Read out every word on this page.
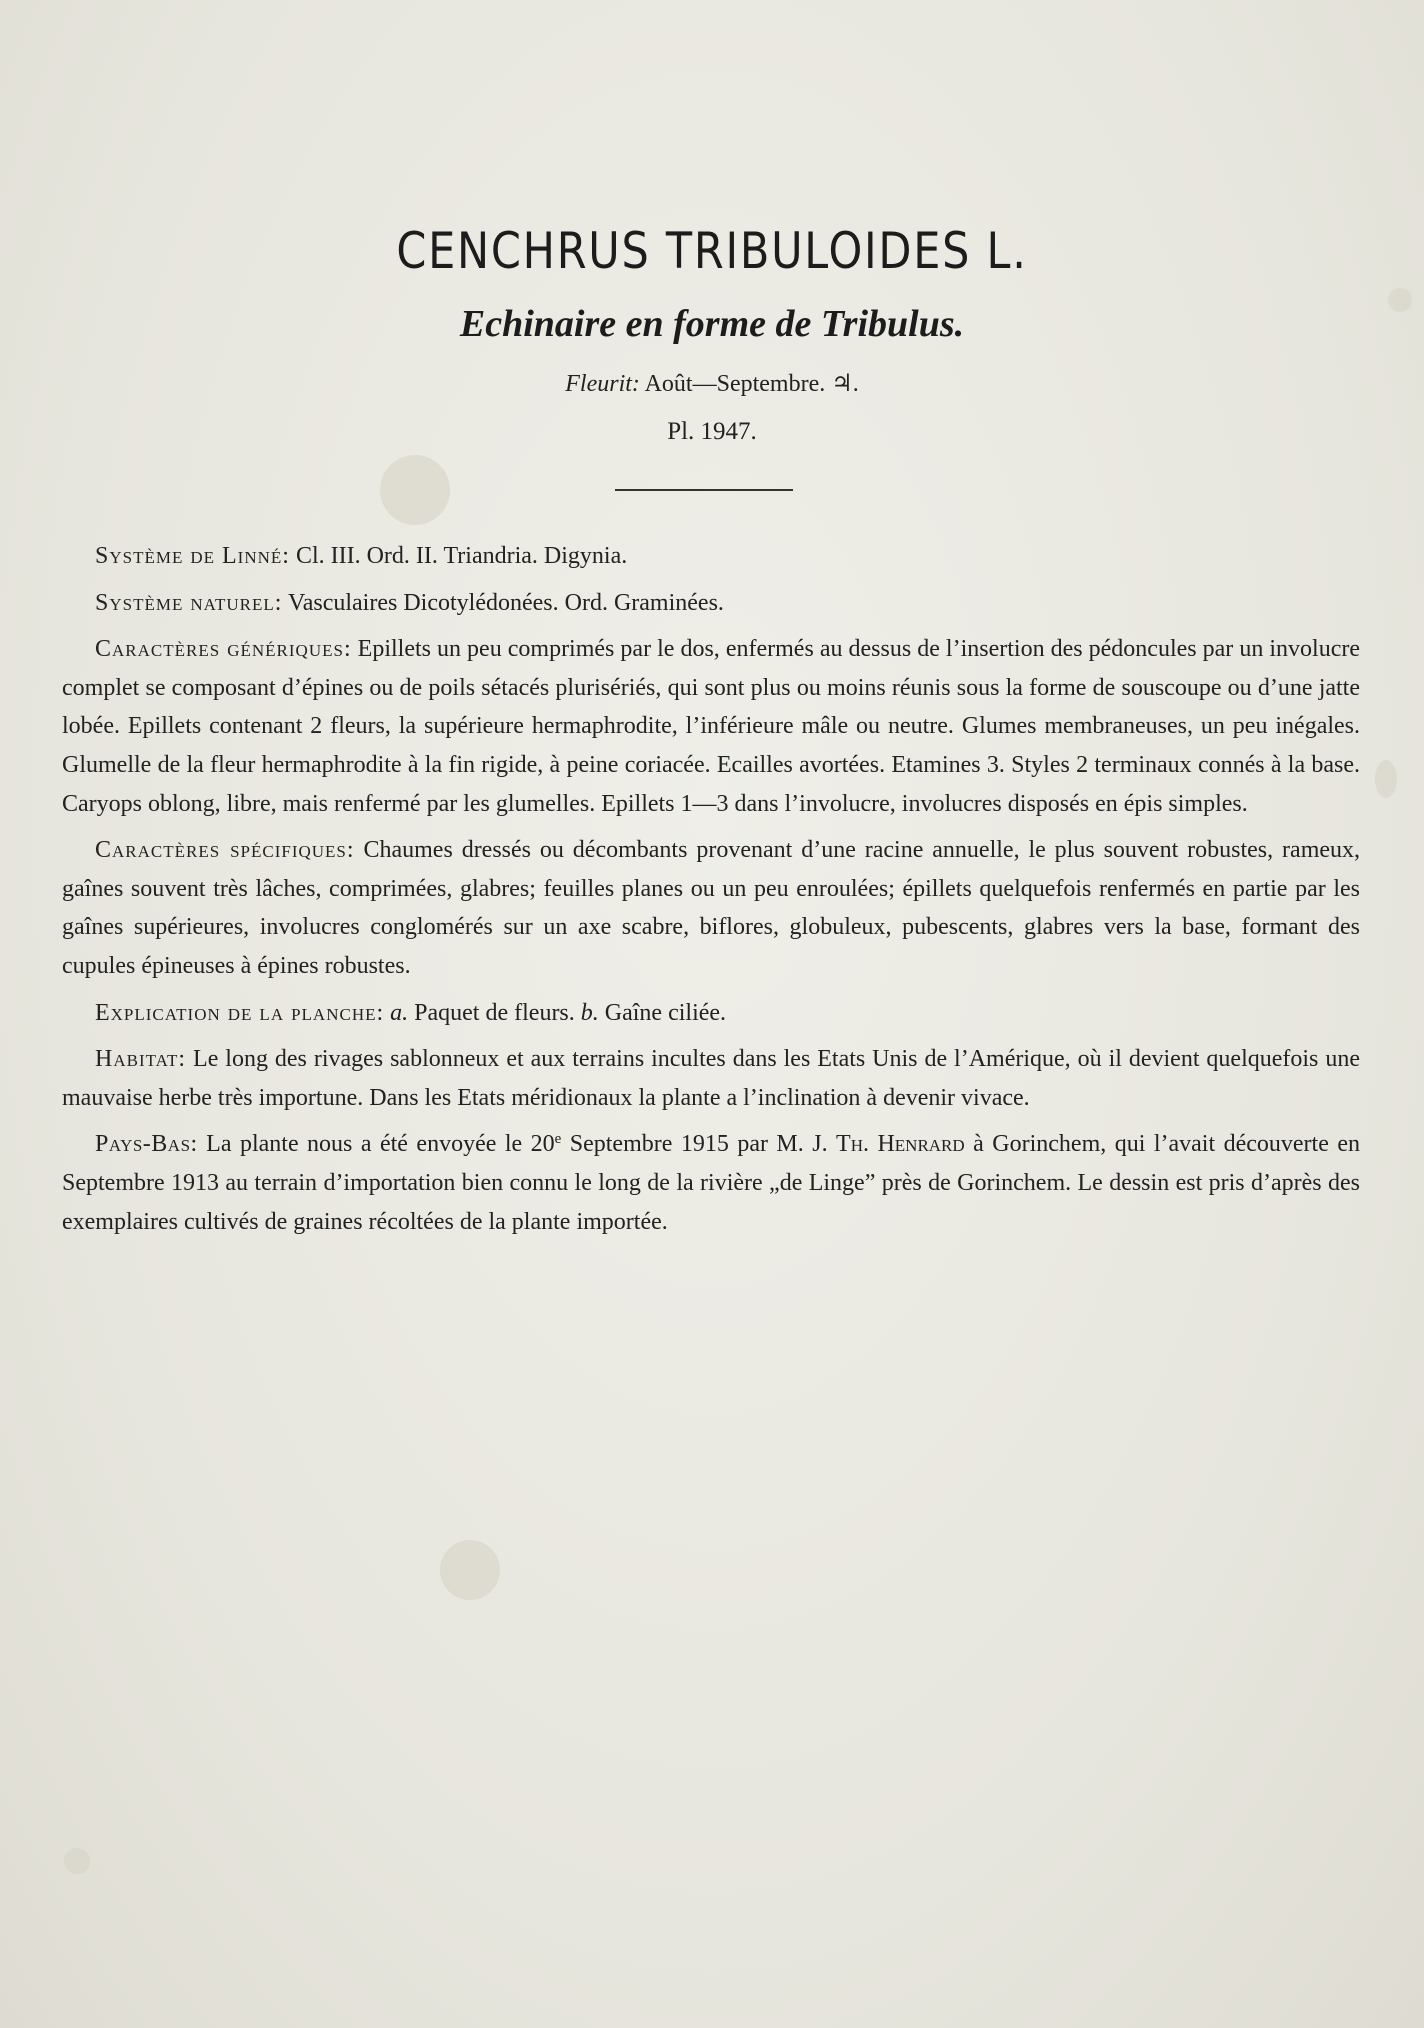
CENCHRUS TRIBULOIDES L.
Echinaire en forme de Tribulus.
Fleurit: Août—Septembre. ♃.
Pl. 1947.

Système de Linné: Cl. III. Ord. II. Triandria. Digynia.

Système naturel: Vasculaires Dicotylédonées. Ord. Graminées.

Caractères génériques: Epillets un peu comprimés par le dos, enfermés au dessus de l’insertion des pédoncules par un involucre complet se composant d’épines ou de poils sétacés plurisériés, qui sont plus ou moins réunis sous la forme de souscoupe ou d’une jatte lobée. Epillets contenant 2 fleurs, la supérieure hermaphrodite, l’inférieure mâle ou neutre. Glumes membraneuses, un peu inégales. Glumelle de la fleur hermaphrodite à la fin rigide, à peine coriacée. Ecailles avortées. Etamines 3. Styles 2 terminaux connés à la base. Caryops oblong, libre, mais renfermé par les glumelles. Epillets 1—3 dans l’involucre, involucres disposés en épis simples.

Caractères spécifiques: Chaumes dressés ou décombants provenant d’une racine annuelle, le plus souvent robustes, rameux, gaînes souvent très lâches, comprimées, glabres; feuilles planes ou un peu enroulées; épillets quelquefois renfermés en partie par les gaînes supérieures, involucres conglomérés sur un axe scabre, biflores, globuleux, pubescents, glabres vers la base, formant des cupules épineuses à épines robustes.

Explication de la planche: a. Paquet de fleurs. b. Gaîne ciliée.

Habitat: Le long des rivages sablonneux et aux terrains incultes dans les Etats Unis de l’Amérique, où il devient quelquefois une mauvaise herbe très importune. Dans les Etats méridionaux la plante a l’inclination à devenir vivace.

Pays-Bas: La plante nous a été envoyée le 20e Septembre 1915 par M. J. Th. Henrard à Gorinchem, qui l’avait découverte en Septembre 1913 au terrain d’importation bien connu le long de la rivière „de Linge” près de Gorinchem. Le dessin est pris d’après des exemplaires cultivés de graines récoltées de la plante importée.
